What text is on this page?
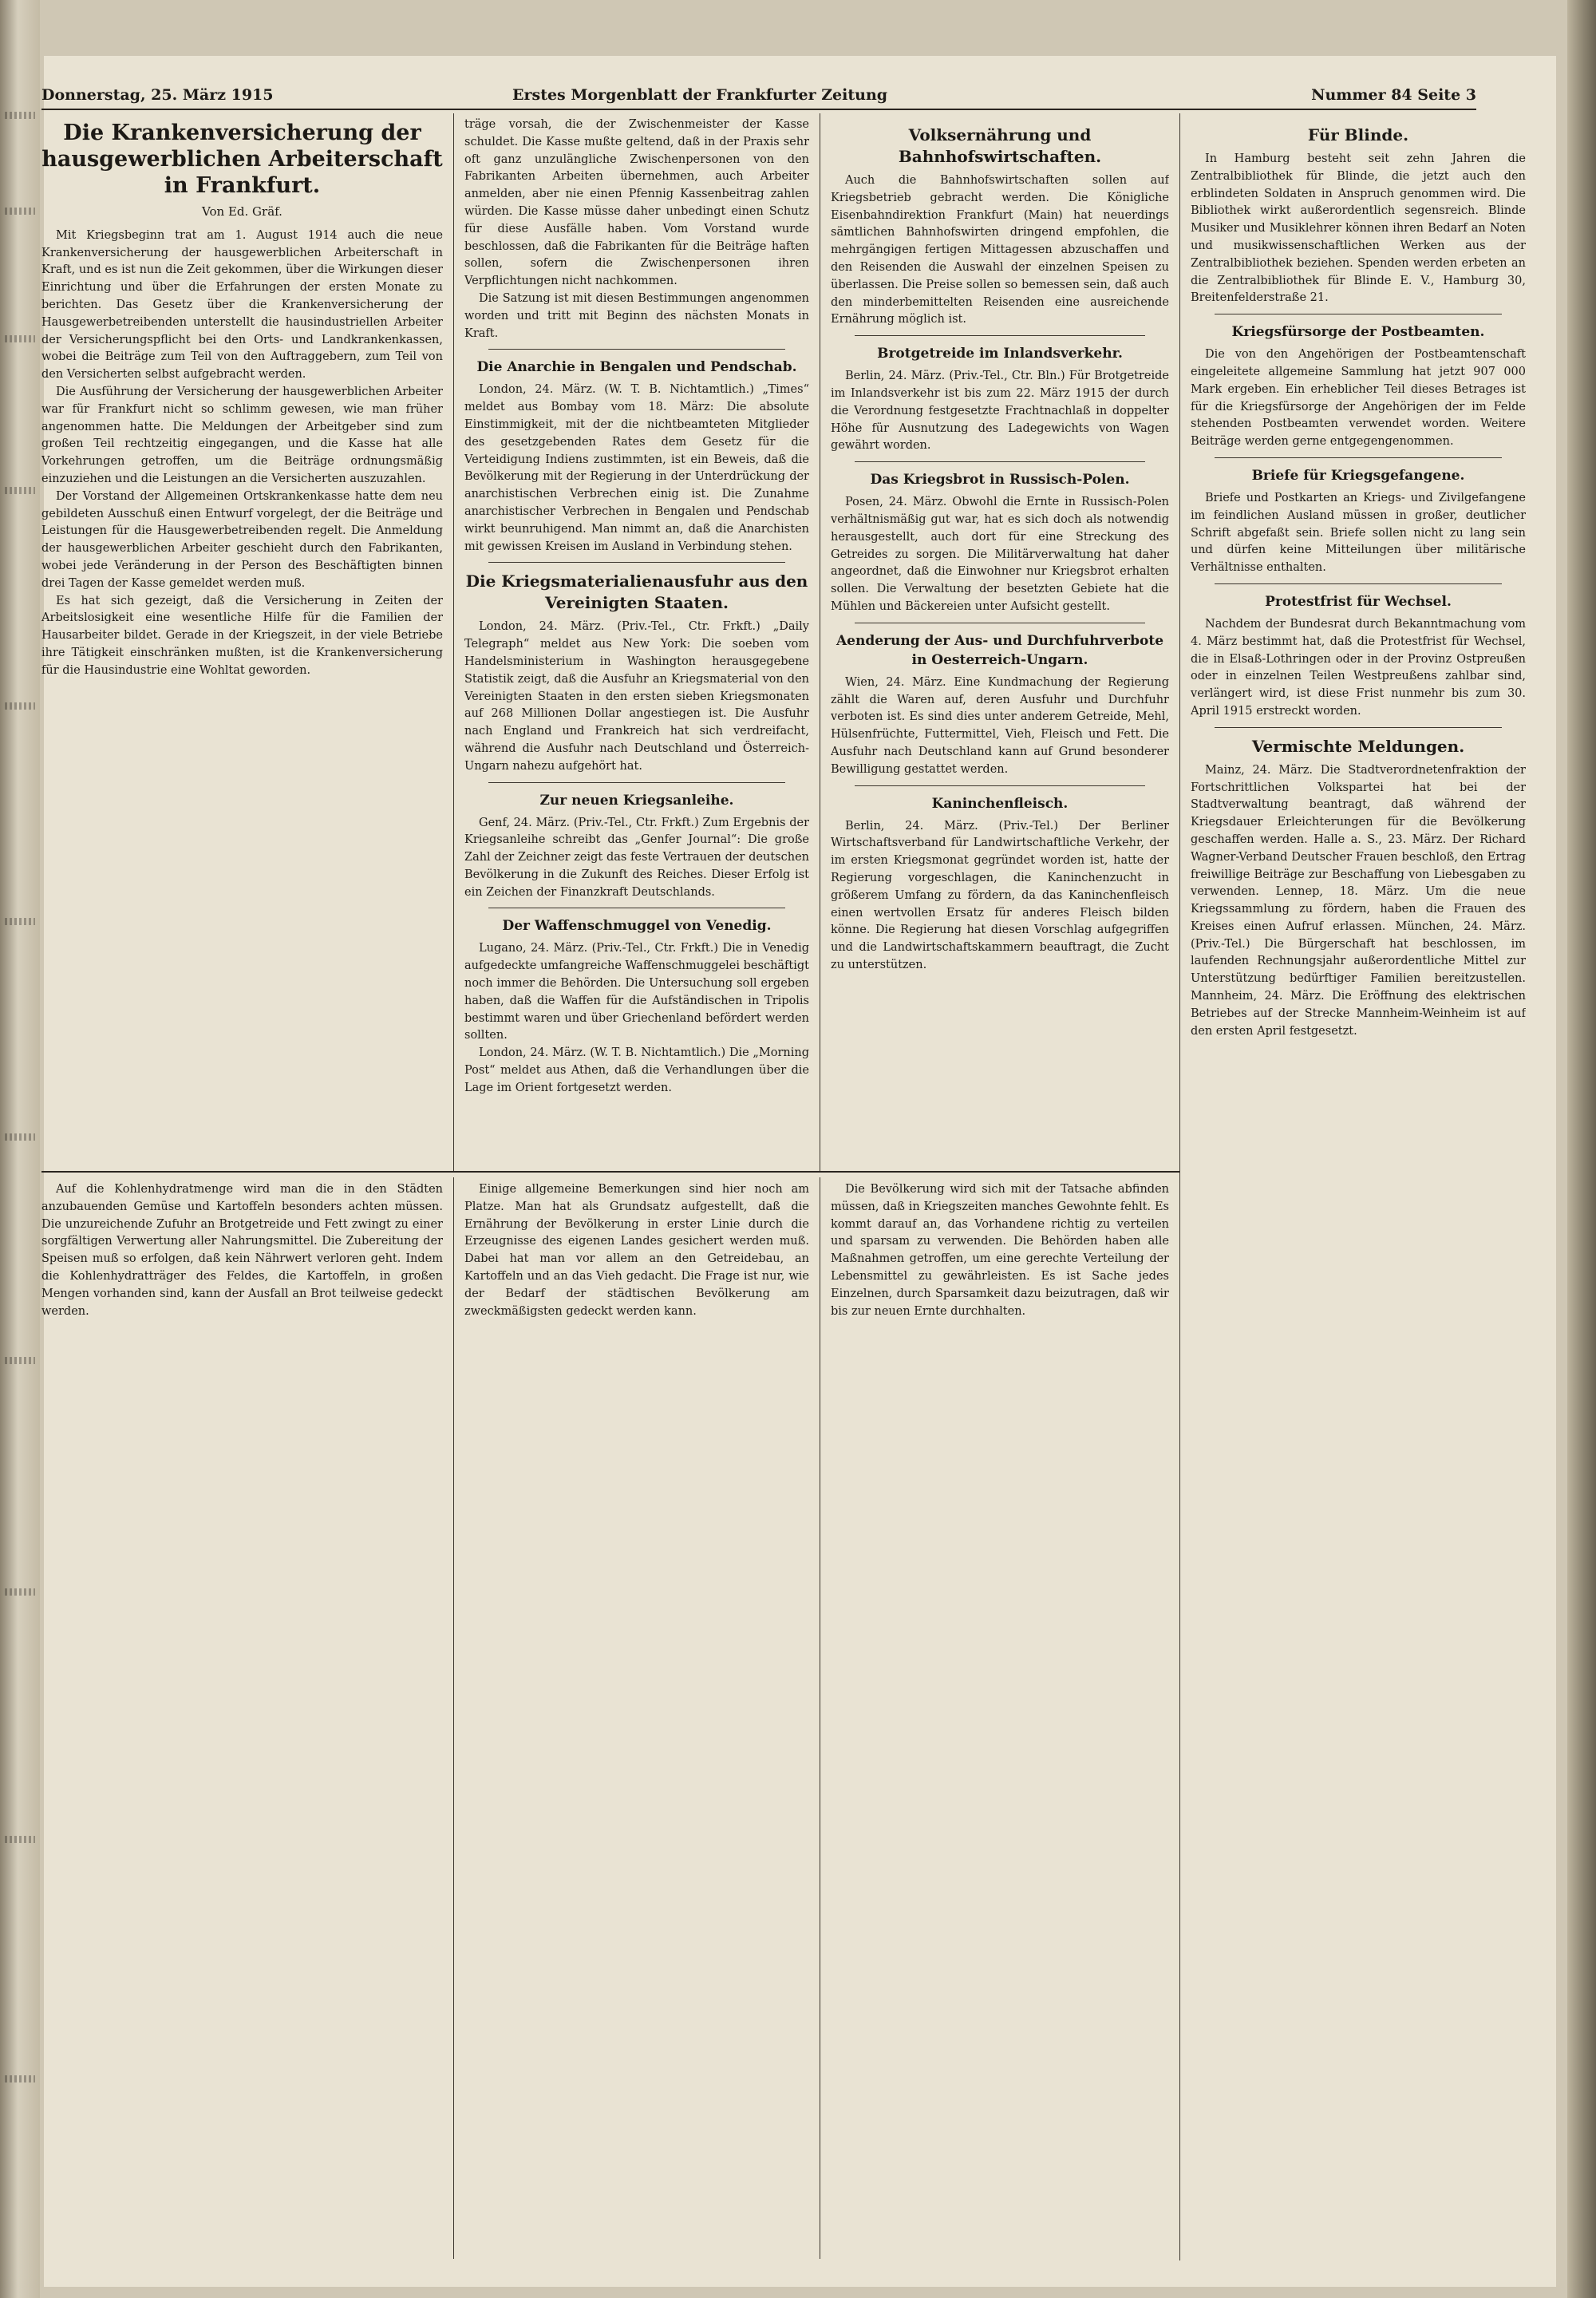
Donnerstag, 25. März 1915	Erstes Morgenblatt der Frankfurter Zeitung	Nummer 84 Seite 3
Die Krankenversicherung der hausgewerblichen Arbeiterschaft in Frankfurt.
Von Ed. Gräf.

Mit Kriegsbeginn trat am 1. August 1914 auch die neue Krankenversicherung der hausgewerblichen Arbeiterschaft in Kraft, und es ist nun die Zeit gekommen, über die Wirkungen dieser Einrichtung und über die Erfahrungen der ersten Monate zu berichten. Das Gesetz über die Krankenversicherung der Hausgewerbetreibenden unterstellt die hausindustriellen Arbeiter der Versicherungspflicht bei den Orts- und Landkrankenkassen, wobei die Beiträge zum Teil von den Auftraggebern, zum Teil von den Versicherten selbst aufgebracht werden.

Die Ausführung der Versicherung der hausgewerblichen Arbeiter war für Frankfurt nicht so schlimm gewesen, wie man früher angenommen hatte. Die Meldungen der Arbeitgeber sind zum großen Teil rechtzeitig eingegangen, und die Kasse hat alle Vorkehrungen getroffen, um die Beiträge ordnungsmäßig einzuziehen und die Leistungen an die Versicherten auszuzahlen.

Der Vorstand der Allgemeinen Ortskrankenkasse hatte dem neu gebildeten Ausschuß einen Entwurf vorgelegt, der die Beiträge und Leistungen für die Hausgewerbetreibenden regelt. Die Anmeldung der hausgewerblichen Arbeiter geschieht durch den Fabrikanten, wobei jede Veränderung in der Person des Beschäftigten binnen drei Tagen der Kasse gemeldet werden muß.

Es hat sich gezeigt, daß die Versicherung in Zeiten der Arbeitslosigkeit eine wesentliche Hilfe für die Familien der Hausarbeiter bildet. Gerade in der Kriegszeit, in der viele Betriebe ihre Tätigkeit einschränken mußten, ist die Krankenversicherung für die Hausindustrie eine Wohltat geworden.

träge vorsah, die der Zwischenmeister der Kasse schuldet. Die Kasse mußte geltend, daß in der Praxis sehr oft ganz unzulängliche Zwischenpersonen von den Fabrikanten Arbeiten übernehmen, auch Arbeiter anmelden, aber nie einen Pfennig Kassenbeitrag zahlen würden. Die Kasse müsse daher unbedingt einen Schutz für diese Ausfälle haben. Vom Vorstand wurde beschlossen, daß die Fabrikanten für die Beiträge haften sollen, sofern die Zwischenpersonen ihren Verpflichtungen nicht nachkommen.

Die Satzung ist mit diesen Bestimmungen angenommen worden und tritt mit Beginn des nächsten Monats in Kraft.

Die Anarchie in Bengalen und Pendschab.

London, 24. März. (W. T. B. Nichtamtlich.) „Times“ meldet aus Bombay vom 18. März: Die absolute Einstimmigkeit, mit der die nichtbeamteten Mitglieder des gesetzgebenden Rates dem Gesetz für die Verteidigung Indiens zustimmten, ist ein Beweis, daß die Bevölkerung mit der Regierung in der Unterdrückung der anarchistischen Verbrechen einig ist. Die Zunahme anarchistischer Verbrechen in Bengalen und Pendschab wirkt beunruhigend. Man nimmt an, daß die Anarchisten mit gewissen Kreisen im Ausland in Verbindung stehen.

Die Kriegsmaterialienausfuhr aus den Vereinigten Staaten.

London, 24. März. (Priv.-Tel., Ctr. Frkft.) „Daily Telegraph“ meldet aus New York: Die soeben vom Handelsministerium in Washington herausgegebene Statistik zeigt, daß die Ausfuhr an Kriegsmaterial von den Vereinigten Staaten in den ersten sieben Kriegsmonaten auf 268 Millionen Dollar angestiegen ist. Die Ausfuhr nach England und Frankreich hat sich verdreifacht, während die Ausfuhr nach Deutschland und Österreich-Ungarn nahezu aufgehört hat.

Zur neuen Kriegsanleihe.

Genf, 24. März. (Priv.-Tel., Ctr. Frkft.) Zum Ergebnis der Kriegsanleihe schreibt das „Genfer Journal“: Die große Zahl der Zeichner zeigt das feste Vertrauen der deutschen Bevölkerung in die Zukunft des Reiches. Dieser Erfolg ist ein Zeichen der Finanzkraft Deutschlands.

Der Waffenschmuggel von Venedig.

Lugano, 24. März. (Priv.-Tel., Ctr. Frkft.) Die in Venedig aufgedeckte umfangreiche Waffenschmuggelei beschäftigt noch immer die Behörden. Die Untersuchung soll ergeben haben, daß die Waffen für die Aufständischen in Tripolis bestimmt waren und über Griechenland befördert werden sollten.

London, 24. März. (W. T. B. Nichtamtlich.) Die „Morning Post“ meldet aus Athen, daß die Verhandlungen über die Lage im Orient fortgesetzt werden.

Volksernährung und Bahnhofswirtschaften.

Auch die Bahnhofswirtschaften sollen auf Kriegsbetrieb gebracht werden. Die Königliche Eisenbahndirektion Frankfurt (Main) hat neuerdings sämtlichen Bahnhofswirten dringend empfohlen, die mehrgängigen fertigen Mittagessen abzuschaffen und den Reisenden die Auswahl der einzelnen Speisen zu überlassen. Die Preise sollen so bemessen sein, daß auch den minderbemittelten Reisenden eine ausreichende Ernährung möglich ist.

Brotgetreide im Inlandsverkehr.

Berlin, 24. März. (Priv.-Tel., Ctr. Bln.) Für Brotgetreide im Inlandsverkehr ist bis zum 22. März 1915 der durch die Verordnung festgesetzte Frachtnachlaß in doppelter Höhe für Ausnutzung des Ladegewichts von Wagen gewährt worden.

Das Kriegsbrot in Russisch-Polen.

Posen, 24. März. Obwohl die Ernte in Russisch-Polen verhältnismäßig gut war, hat es sich doch als notwendig herausgestellt, auch dort für eine Streckung des Getreides zu sorgen. Die Militärverwaltung hat daher angeordnet, daß die Einwohner nur Kriegsbrot erhalten sollen. Die Verwaltung der besetzten Gebiete hat die Mühlen und Bäckereien unter Aufsicht gestellt.

Aenderung der Aus- und Durchfuhrverbote in Oesterreich-Ungarn.

Wien, 24. März. Eine Kundmachung der Regierung zählt die Waren auf, deren Ausfuhr und Durchfuhr verboten ist. Es sind dies unter anderem Getreide, Mehl, Hülsenfrüchte, Futtermittel, Vieh, Fleisch und Fett. Die Ausfuhr nach Deutschland kann auf Grund besonderer Bewilligung gestattet werden.

Kaninchenfleisch.

Berlin, 24. März. (Priv.-Tel.) Der Berliner Wirtschaftsverband für Landwirtschaftliche Verkehr, der im ersten Kriegsmonat gegründet worden ist, hatte der Regierung vorgeschlagen, die Kaninchenzucht in größerem Umfang zu fördern, da das Kaninchenfleisch einen wertvollen Ersatz für anderes Fleisch bilden könne. Die Regierung hat diesen Vorschlag aufgegriffen und die Landwirtschaftskammern beauftragt, die Zucht zu unterstützen.

Für Blinde.

In Hamburg besteht seit zehn Jahren die Zentralbibliothek für Blinde, die jetzt auch den erblindeten Soldaten in Anspruch genommen wird. Die Bibliothek wirkt außerordentlich segensreich. Blinde Musiker und Musiklehrer können ihren Bedarf an Noten und musikwissenschaftlichen Werken aus der Zentralbibliothek beziehen. Spenden werden erbeten an die Zentralbibliothek für Blinde E. V., Hamburg 30, Breitenfelderstraße 21.

Kriegsfürsorge der Postbeamten.

Die von den Angehörigen der Postbeamtenschaft eingeleitete allgemeine Sammlung hat jetzt 907 000 Mark ergeben. Ein erheblicher Teil dieses Betrages ist für die Kriegsfürsorge der Angehörigen der im Felde stehenden Postbeamten verwendet worden. Weitere Beiträge werden gerne entgegengenommen.

Briefe für Kriegsgefangene.

Briefe und Postkarten an Kriegs- und Zivilgefangene im feindlichen Ausland müssen in großer, deutlicher Schrift abgefaßt sein. Briefe sollen nicht zu lang sein und dürfen keine Mitteilungen über militärische Verhältnisse enthalten.

Protestfrist für Wechsel.

Nachdem der Bundesrat durch Bekanntmachung vom 4. März bestimmt hat, daß die Protestfrist für Wechsel, die in Elsaß-Lothringen oder in der Provinz Ostpreußen oder in einzelnen Teilen Westpreußens zahlbar sind, verlängert wird, ist diese Frist nunmehr bis zum 30. April 1915 erstreckt worden.

Vermischte Meldungen.

Mainz, 24. März. Die Stadtverordnetenfraktion der Fortschrittlichen Volkspartei hat bei der Stadtverwaltung beantragt, daß während der Kriegsdauer Erleichterungen für die Bevölkerung geschaffen werden. Halle a. S., 23. März. Der Richard Wagner-Verband Deutscher Frauen beschloß, den Ertrag freiwillige Beiträge zur Beschaffung von Liebesgaben zu verwenden. Lennep, 18. März. Um die neue Kriegssammlung zu fördern, haben die Frauen des Kreises einen Aufruf erlassen. München, 24. März. (Priv.-Tel.) Die Bürgerschaft hat beschlossen, im laufenden Rechnungsjahr außerordentliche Mittel zur Unterstützung bedürftiger Familien bereitzustellen. Mannheim, 24. März. Die Eröffnung des elektrischen Betriebes auf der Strecke Mannheim-Weinheim ist auf den ersten April festgesetzt.

Auf die Kohlenhydratmenge wird man die in den Städten anzubauenden Gemüse und Kartoffeln besonders achten müssen. Die unzureichende Zufuhr an Brotgetreide und Fett zwingt zu einer sorgfältigen Verwertung aller Nahrungsmittel. Die Zubereitung der Speisen muß so erfolgen, daß kein Nährwert verloren geht. Indem die Kohlenhydratträger des Feldes, die Kartoffeln, in großen Mengen vorhanden sind, kann der Ausfall an Brot teilweise gedeckt werden.

Einige allgemeine Bemerkungen sind hier noch am Platze. Man hat als Grundsatz aufgestellt, daß die Ernährung der Bevölkerung in erster Linie durch die Erzeugnisse des eigenen Landes gesichert werden muß. Dabei hat man vor allem an den Getreidebau, an Kartoffeln und an das Vieh gedacht. Die Frage ist nur, wie der Bedarf der städtischen Bevölkerung am zweckmäßigsten gedeckt werden kann.

Die Bevölkerung wird sich mit der Tatsache abfinden müssen, daß in Kriegszeiten manches Gewohnte fehlt. Es kommt darauf an, das Vorhandene richtig zu verteilen und sparsam zu verwenden. Die Behörden haben alle Maßnahmen getroffen, um eine gerechte Verteilung der Lebensmittel zu gewährleisten. Es ist Sache jedes Einzelnen, durch Sparsamkeit dazu beizutragen, daß wir bis zur neuen Ernte durchhalten.
